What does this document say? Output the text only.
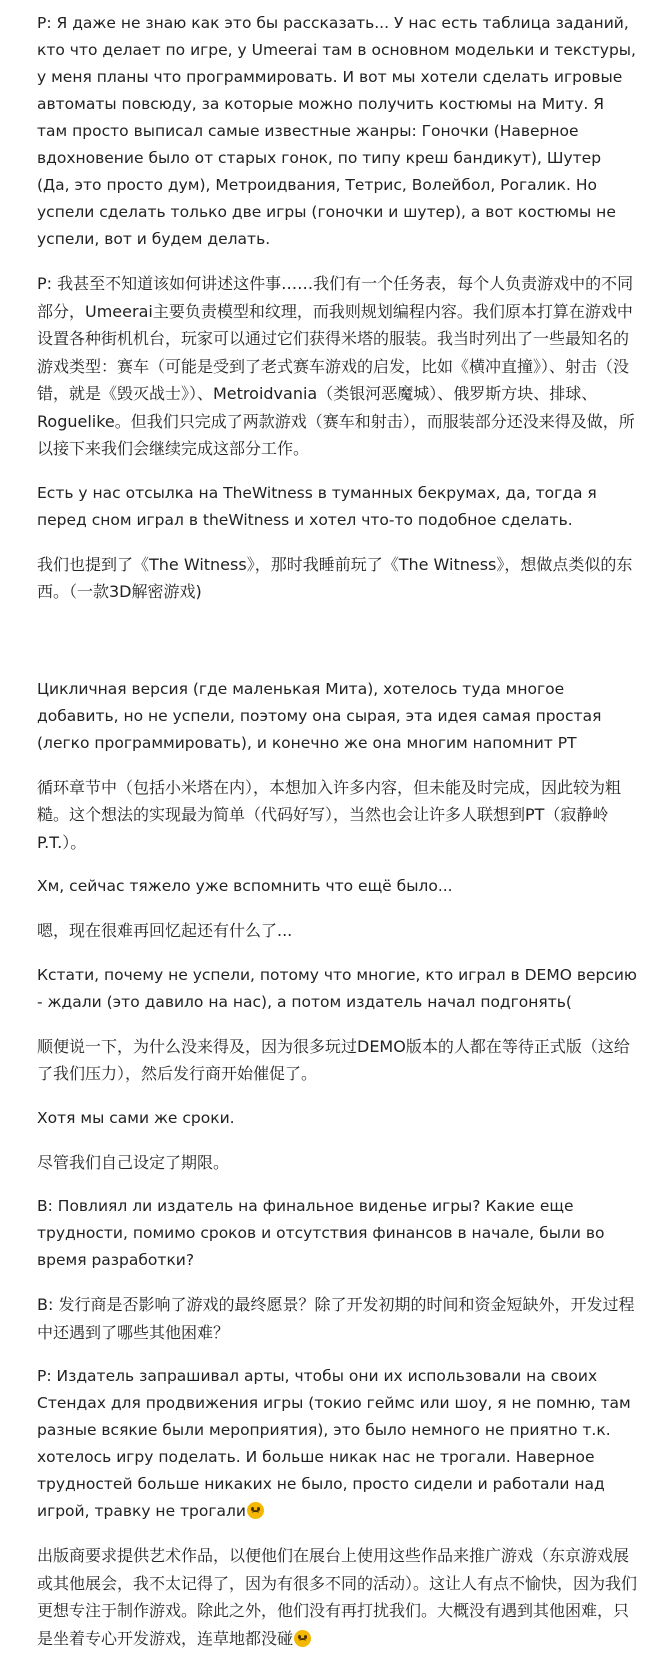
Р: Я даже не знаю как это бы рассказать... У нас есть таблица заданий, кто что делает по игре, у Umeerai там в основном модельки и текстуры, у меня планы что программировать. И вот мы хотели сделать игровые автоматы повсюду, за которые можно получить костюмы на Миту. Я там просто выписал самые известные жанры: Гоночки (Наверное вдохновение было от старых гонок, по типу креш бандикут), Шутер (Да, это просто дум), Метроидвания, Тетрис, Волейбол, Рогалик. Но успели сделать только две игры (гоночки и шутер), а вот костюмы не успели, вот и будем делать.

P: 我甚至不知道该如何讲述这件事……我们有一个任务表，每个人负责游戏中的不同部分，Umeerai主要负责模型和纹理，而我则规划编程内容。我们原本打算在游戏中设置各种街机机台，玩家可以通过它们获得米塔的服装。我当时列出了一些最知名的游戏类型：赛车（可能是受到了老式赛车游戏的启发，比如《横冲直撞》）、射击（没错，就是《毁灭战士》）、Metroidvania（类银河恶魔城）、俄罗斯方块、排球、Roguelike。但我们只完成了两款游戏（赛车和射击），而服装部分还没来得及做，所以接下来我们会继续完成这部分工作。

Есть у нас отсылка на TheWitness в туманных бекрумах, да, тогда я перед сном играл в theWitness и хотел что-то подобное сделать.

我们也提到了《The Witness》，那时我睡前玩了《The Witness》，想做点类似的东西。（一款3D解密游戏)

Цикличная версия (где маленькая Мита), хотелось туда многое добавить, но не успели, поэтому она сырая, эта идея самая простая (легко программировать), и конечно же она многим напомнит PT

循环章节中（包括小米塔在内），本想加入许多内容，但未能及时完成，因此较为粗糙。这个想法的实现最为简单（代码好写），当然也会让许多人联想到PT（寂静岭P.T.）。

Хм, сейчас тяжело уже вспомнить что ещё было...

嗯，现在很难再回忆起还有什么了...

Кстати, почему не успели, потому что многие, кто играл в DEMO версию - ждали (это давило на нас), а потом издатель начал подгонять(

顺便说一下，为什么没来得及，因为很多玩过DEMO版本的人都在等待正式版（这给了我们压力），然后发行商开始催促了。

Хотя мы сами же сроки.

尽管我们自己设定了期限。

В: Повлиял ли издатель на финальное виденье игры? Какие еще трудности, помимо сроков и отсутствия финансов в начале, были во время разработки?

B: 发行商是否影响了游戏的最终愿景？除了开发初期的时间和资金短缺外，开发过程中还遇到了哪些其他困难？

Р: Издатель запрашивал арты, чтобы они их использовали на своих Стендах для продвижения игры (токио геймс или шоу, я не помню, там разные всякие были мероприятия), это было немного не приятно т.к. хотелось игру поделать. И больше никак нас не трогали. Наверное трудностей больше никаких не было, просто сидели и работали над игрой, травку не трогали

出版商要求提供艺术作品，以便他们在展台上使用这些作品来推广游戏（东京游戏展或其他展会，我不太记得了，因为有很多不同的活动）。这让人有点不愉快，因为我们更想专注于制作游戏。除此之外，他们没有再打扰我们。大概没有遇到其他困难，只是坐着专心开发游戏，连草地都没碰
